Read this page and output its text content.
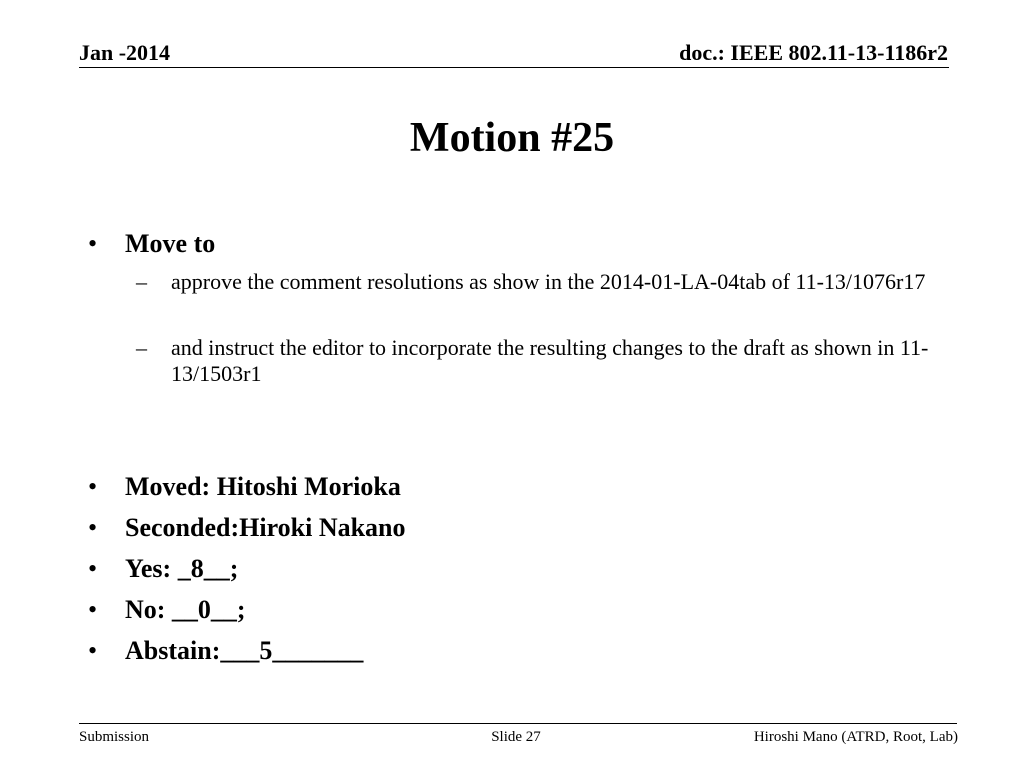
Jan -2014	doc.: IEEE 802.11-13-1186r2
Motion #25
• Move to
– approve the comment resolutions as show in the 2014-01-LA-04tab of 11-13/1076r17
– and instruct the editor to incorporate the resulting changes to the draft as shown in 11-13/1503r1
• Moved: Hitoshi Morioka
• Seconded:Hiroki Nakano
• Yes: _8__;
• No: __0__;
• Abstain:___5_______
Submission	Slide 27	Hiroshi Mano (ATRD, Root, Lab)
